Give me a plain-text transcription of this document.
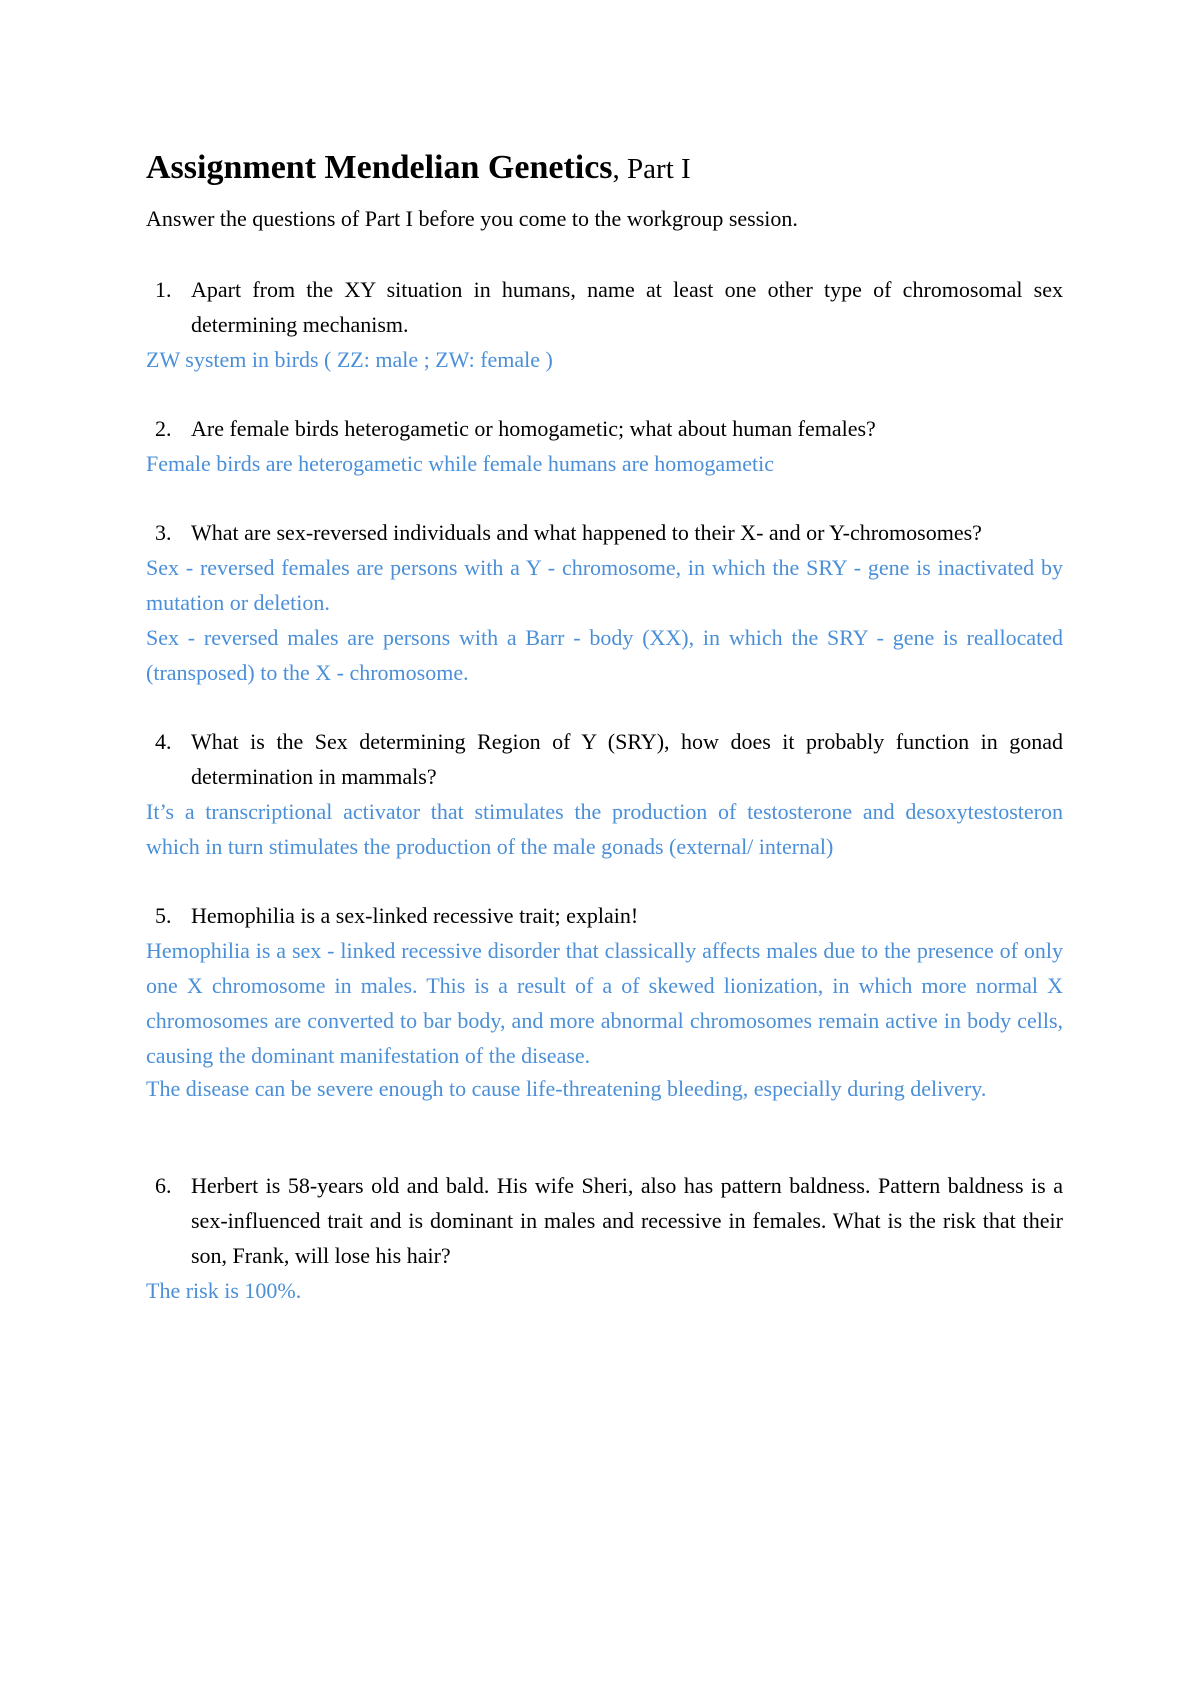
Assignment Mendelian Genetics, Part I

Answer the questions of Part I before you come to the workgroup session.

1. Apart from the XY situation in humans, name at least one other type of chromosomal sex determining mechanism.

ZW system in birds ( ZZ: male ; ZW: female )

2. Are female birds heterogametic or homogametic; what about human females?

Female birds are heterogametic while female humans are homogametic

3. What are sex-reversed individuals and what happened to their X- and or Y-chromosomes?

Sex - reversed females are persons with a Y - chromosome, in which the SRY - gene is inactivated by mutation or deletion.

Sex - reversed males are persons with a Barr - body (XX), in which the SRY - gene is reallocated (transposed) to the X - chromosome.

4. What is the Sex determining Region of Y (SRY), how does it probably function in gonad determination in mammals?

It’s a transcriptional activator that stimulates the production of testosterone and desoxytestosteron which in turn stimulates the production of the male gonads (external/ internal)

5. Hemophilia is a sex-linked recessive trait; explain!

Hemophilia is a sex - linked recessive disorder that classically affects males due to the presence of only one X chromosome in males. This is a result of a of skewed lionization, in which more normal X chromosomes are converted to bar body, and more abnormal chromosomes remain active in body cells, causing the dominant manifestation of the disease.

The disease can be severe enough to cause life-threatening bleeding, especially during delivery.

6. Herbert is 58-years old and bald. His wife Sheri, also has pattern baldness. Pattern baldness is a sex-influenced trait and is dominant in males and recessive in females. What is the risk that their son, Frank, will lose his hair?

The risk is 100%.
